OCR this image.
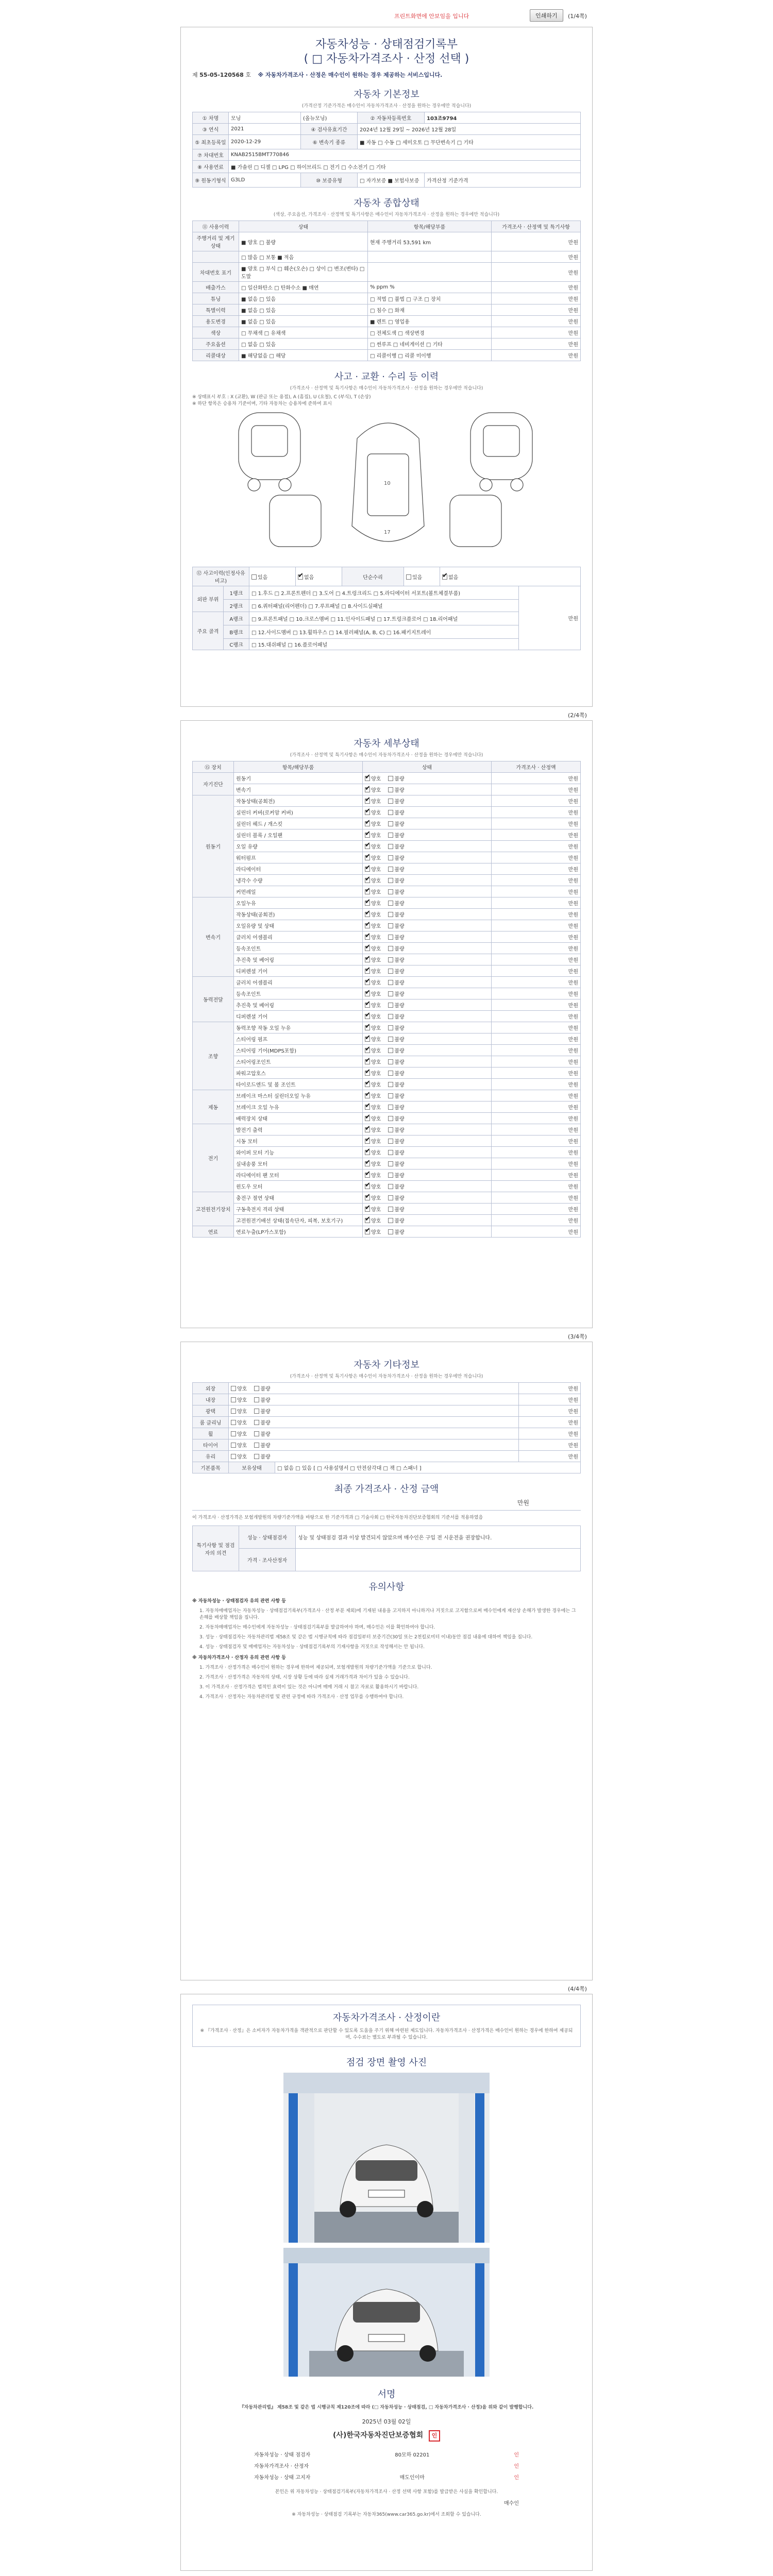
프린트화면에 안보임을 입니다	인쇄하기	(1/4쪽)
자동차성능 · 상태점검기록부
( □ 자동차가격조사 · 산정 선택 )
제 55-05-120568 호 ※ 자동차가격조사 · 산정은 매수인이 원하는 경우 제공하는 서비스입니다.
자동차 기본정보
(가격산정 기준가격은 매수인이 자동차가격조사 · 산정을 원하는 경우에만 적습니다)
① 차명	모닝	(올뉴모닝)	② 자동차등록번호	103조9794
③ 연식	2021	④ 검사유효기간	2024년 12월 29일 ~ 2026년 12월 28일	
⑤ 최초등록일	2020-12-29	⑥ 변속기 종류	■ 자동 □ 수동 □ 세미오토 □ 무단변속기 □ 기타	
⑦ 차대번호	KNAB2515BMT770846			
⑧ 사용연료	■ 가솔린 □ 디젤 □ LPG □ 하이브리드 □ 전기 □ 수소전기 □ 기타			
⑨ 원동기형식	G3LD	⑩ 보증유형	□ 자가보증 ■ 보험사보증	가격산정 기준가격
자동차 종합상태
(색상, 주요옵션, 가격조사 · 산정액 및 특기사항은 매수인이 자동차가격조사 · 산정을 원하는 경우에만 적습니다)
⑪ 사용이력	상태	항목/해당부품	가격조사 · 산정액 및 특기사항
주행거리 및 계기상태	■ 양호 □ 불량	현재 주행거리 53,591 km	만원
	□ 많음 □ 보통 ■ 적음		만원
차대번호 표기	■ 양호 □ 부식 □ 훼손(오손) □ 상이 □ 변조(변타) □ 도말		만원
배출가스	□ 일산화탄소 □ 탄화수소 ■ 매연	% ppm %	만원
튜닝	■ 없음 □ 있음	□ 적법 □ 불법 □ 구조 □ 장치	만원
특별이력	■ 없음 □ 있음	□ 침수 □ 화재	만원
용도변경	■ 없음 □ 있음	■ 렌트 □ 영업용	만원
색상	□ 무채색 □ 유채색	□ 전체도색 □ 색상변경	만원
주요옵션	□ 없음 □ 있음	□ 썬루프 □ 네비게이션 □ 기타	만원
리콜대상	■ 해당없음 □ 해당	□ 리콜이행 □ 리콜 미이행	만원
사고 · 교환 · 수리 등 이력
(가격조사 · 산정액 및 특기사항은 매수인이 자동차가격조사 · 산정을 원하는 경우에만 적습니다)
※ 상태표시 부호 : X (교환), W (판금 또는 용접), A (흠집), U (요철), C (부식), T (손상)
※ 하단 항목은 승용차 기준이며, 기타 자동차는 승용차에 준하여 표시
10
17
⑫ 사고이력(인정사유 비고)	있음	✔없음	단순수리	있음	✔없음
외판 부위	1랭크	□ 1.후드 □ 2.프론트펜더 □ 3.도어 □ 4.트렁크리드 □ 5.라디에이터 서포트(볼트체결부품)	만원
	2랭크	□ 6.쿼터패널(리어펜더) □ 7.루프패널 □ 8.사이드실패널	
주요 골격	A랭크	□ 9.프론트패널 □ 10.크로스멤버 □ 11.인사이드패널 □ 17.트렁크플로어 □ 18.리어패널	
	B랭크	□ 12.사이드멤버 □ 13.휠하우스 □ 14.필러패널(A, B, C) □ 16.패키지트레이	
	C랭크	□ 15.대쉬패널 □ 16.플로어패널	
(2/4쪽)
자동차 세부상태
(가격조사 · 산정액 및 특기사항은 매수인이 자동차가격조사 · 산정을 원하는 경우에만 적습니다)
⑮ 장치	항목/해당부품	상태	가격조사 · 산정액
자기진단	원동기	✔양호 불량	만원
	변속기	✔양호 불량	만원
원동기	작동상태(공회전)	✔양호 불량	만원
	실린더 커버(로커암 커버)	✔양호 불량	만원
	실린더 헤드 / 개스킷	✔양호 불량	만원
	실린더 블록 / 오일팬	✔양호 불량	만원
	오일 유량	✔양호 불량	만원
	워터펌프	✔양호 불량	만원
	라디에이터	✔양호 불량	만원
	냉각수 수량	✔양호 불량	만원
	커먼레일	✔양호 불량	만원
변속기	오일누유	✔양호 불량	만원
	작동상태(공회전)	✔양호 불량	만원
	오일유량 및 상태	✔양호 불량	만원
	클러치 어셈블리	✔양호 불량	만원
	등속조인트	✔양호 불량	만원
	추진축 및 베어링	✔양호 불량	만원
	디퍼렌셜 기어	✔양호 불량	만원
동력전달	클러치 어셈블리	✔양호 불량	만원
	등속조인트	✔양호 불량	만원
	추진축 및 베어링	✔양호 불량	만원
	디퍼렌셜 기어	✔양호 불량	만원
조향	동력조향 작동 오일 누유	✔양호 불량	만원
	스티어링 펌프	✔양호 불량	만원
	스티어링 기어(MDPS포함)	✔양호 불량	만원
	스티어링조인트	✔양호 불량	만원
	파워고압호스	✔양호 불량	만원
	타이로드엔드 및 볼 조인트	✔양호 불량	만원
제동	브레이크 마스터 실린더오일 누유	✔양호 불량	만원
	브레이크 오일 누유	✔양호 불량	만원
	배력장치 상태	✔양호 불량	만원
전기	발전기 출력	✔양호 불량	만원
	시동 모터	✔양호 불량	만원
	와이퍼 모터 기능	✔양호 불량	만원
	실내송풍 모터	✔양호 불량	만원
	라디에이터 팬 모터	✔양호 불량	만원
	윈도우 모터	✔양호 불량	만원
고전원전기장치	충전구 절연 상태	✔양호 불량	만원
	구동축전지 격리 상태	✔양호 불량	만원
	고전원전기배선 상태(접속단자, 피복, 보호기구)	✔양호 불량	만원
연료	연료누출(LP가스포함)	✔양호 불량	만원
(3/4쪽)
자동차 기타정보
(가격조사 · 산정액 및 특기사항은 매수인이 자동차가격조사 · 산정을 원하는 경우에만 적습니다)
외장	양호 불량		만원
내장	양호 불량		만원
광택	양호 불량		만원
룸 클리닝	양호 불량		만원
휠	양호 불량		만원
타이어	양호 불량		만원
유리	양호 불량		만원
기본품목	보유상태	□ 없음 □ 있음 [ □ 사용설명서 □ 안전삼각대 □ 잭 □ 스패너 ]	
최종 가격조사 · 산정 금액
만원
이 가격조사 · 산정가격은 보험개발원의 차량기준가액을 바탕으로 한 기준가격과 □ 기술사회 □ 한국자동차진단보증협회의 기준서를 적용하였음
특기사항 및 점검자의 의견	성능 · 상태점검자	성능 및 상태점검 결과 이상 발견되지 않았으며 매수인은 구입 전 시운전을 권장합니다.
	가격 · 조사산정자	
유의사항
※ 자동차성능 · 상태점검자 유의 관련 사항 등
1. 자동차매매업자는 자동차성능 · 상태점검기록부(가격조사 · 산정 부분 제외)에 기재된 내용을 고지하지 아니하거나 거짓으로 고지함으로써 매수인에게 재산상 손해가 발생한 경우에는 그 손해를 배상할 책임을 집니다.
2. 자동차매매업자는 매수인에게 자동차성능 · 상태점검기록부를 발급하여야 하며, 매수인은 이를 확인하여야 합니다.
3. 성능 · 상태점검자는 자동차관리법 제58조 및 같은 법 시행규칙에 따라 점검일부터 보증기간(30일 또는 2천킬로미터 이내)동안 점검 내용에 대하여 책임을 집니다.
4. 성능 · 상태점검자 및 매매업자는 자동차성능 · 상태점검기록부의 기재사항을 거짓으로 작성해서는 안 됩니다.
※ 자동차가격조사 · 산정자 유의 관련 사항 등
1. 가격조사 · 산정가격은 매수인이 원하는 경우에 한하여 제공되며, 보험개발원의 차량기준가액을 기준으로 합니다.
2. 가격조사 · 산정가격은 자동차의 상태, 시장 상황 등에 따라 실제 거래가격과 차이가 있을 수 있습니다.
3. 이 가격조사 · 산정가격은 법적인 효력이 있는 것은 아니며 매매 거래 시 참고 자료로 활용하시기 바랍니다.
4. 가격조사 · 산정자는 자동차관리법 및 관련 규정에 따라 가격조사 · 산정 업무를 수행하여야 합니다.
(4/4쪽)
자동차가격조사 · 산정이란
※ 『가격조사 · 산정』은 소비자가 자동차가격을 객관적으로 판단할 수 있도록 도움을 주기 위해 마련된 제도입니다. 자동차가격조사 · 산정가격은 매수인이 원하는 경우에 한하여 제공되며, 수수료는 별도로 부과될 수 있습니다.
점검 장면 촬영 사진
서명
『자동차관리법』 제58조 및 같은 법 시행규칙 제120조에 따라 (□ 자동차성능 · 상태점검, □ 자동차가격조사 · 산정)을 위와 같이 발행합니다.
2025년 03월 02일
(사)한국자동차진단보증협회 인
자동차성능 · 상태 점검자	80모하 02201	인
자동차가격조사 · 산정자	인
자동차성능 · 상태 고지자	매도인이마	인
본인은 위 자동차성능 · 상태점검기록부(자동차가격조사 · 산정 선택 사항 포함)를 발급받은 사실을 확인합니다.
매수인
※ 자동차성능 · 상태점검 기록부는 자동차365(www.car365.go.kr)에서 조회할 수 있습니다.
